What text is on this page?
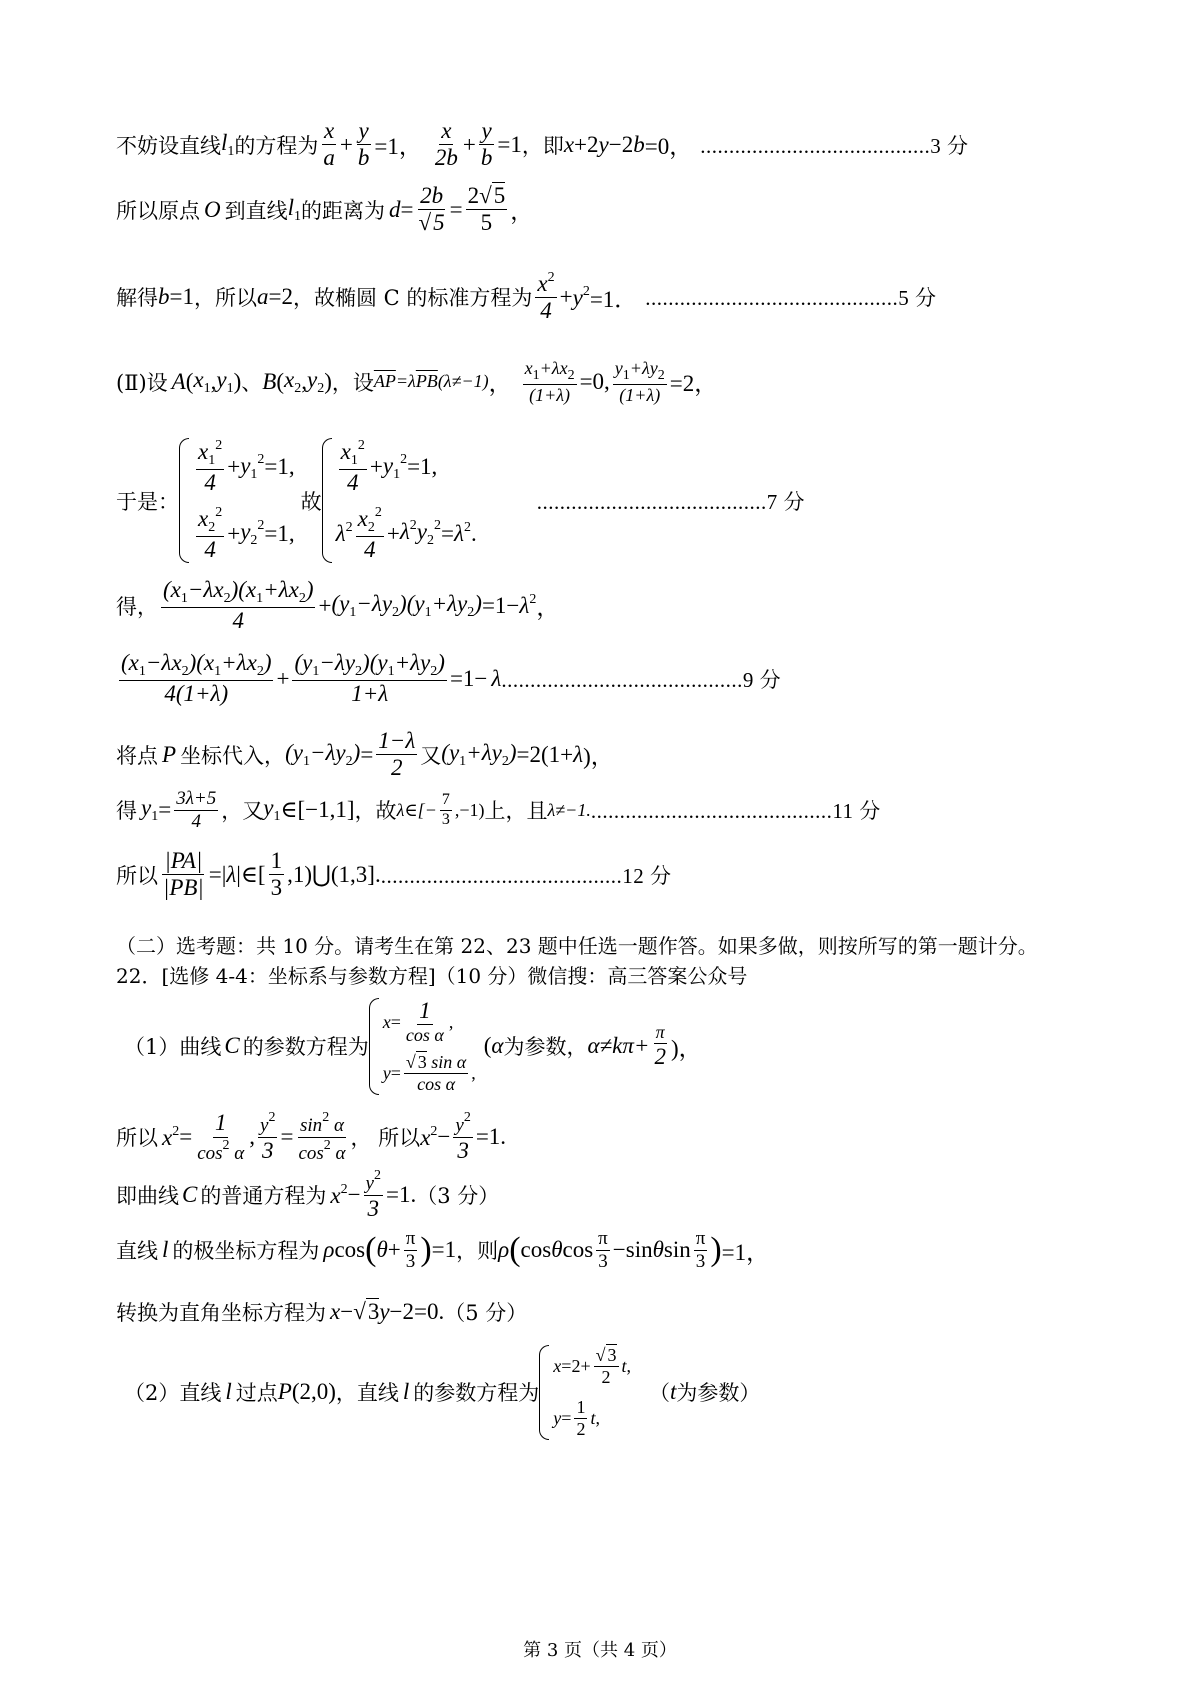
不妨设直线 $l_1$ 的方程为 $\frac{x}{a} + \frac{y}{b} =1$， $\frac{x}{2b} + \frac{y}{b} =1$ ，即 x +2 y −2 b =0， ........................................3 分
所以原点 O 到直线 $l_1$ 的距离为 $d = \frac{2b}{√5} = \frac{2√5}{5}$ ，
解得 b =1 ，所以 a =2 ，故椭圆 C 的标准方程为 $\frac{x^2}{4} + y^2 =1$． ............................................5 分
(Ⅱ)设 A ( $x_1$ , $y_1$ ) 、 B ( $x_2$ , $y_2$ ) ，设 $\overline{AP}=\lambda\overline{PB}(\lambda\ne-1)$ ， $\frac{x_1+\lambda x_2}{(1+\lambda)} =0$, $\frac{y_1+\lambda y_2}{(1+\lambda)} =2$，
于是：
$\frac{x_1^2}{4} + y_1^2 =1$,
$\frac{x_2^2}{4} + y_2^2 =1$,
故
$\frac{x_1^2}{4} + y_1^2 =1$,
$\lambda^2 \frac{x_2^2}{4} + \lambda^2y_2^2 = \lambda^2$ .
........................................7 分
得， $\frac{(x_1-\lambda x_2)(x_1+\lambda x_2)}{4} + (y_1-\lambda y_2)(y_1+\lambda y_2) =1- \lambda^2$ ，
$\frac{(x_1-\lambda x_2)(x_1+\lambda x_2)}{4(1+\lambda)} + \frac{(y_1-\lambda y_2)(y_1+\lambda y_2)}{1+\lambda} =1- \lambda$ ..........................................9 分
将点 P 坐标代入， $(y_1-\lambda y_2) = \frac{1-\lambda}{2}$ 又 $(y_1+\lambda y_2) =2(1+ \lambda$ )，
得 $y_1 = \frac{3\lambda+5}{4}$ ，又 $y_1$ ∈[−1,1] ，故 λ∈[− $\frac{7}{3} ,-1$) 上，且 λ≠−1. ..........................................11 分
所以 $\frac{|PA|}{|PB|}$ =| λ |∈[ $\frac{1}{3}$ ,1)⋃(1,3]. ..........................................12 分
（二）选考题：共 10 分。请考生在第 22、23 题中任选一题作答。如果多做，则按所写的第一题计分。
22．[选修 4-4：坐标系与参数方程]（10 分）微信搜：高三答案公众号
（1）曲线 C 的参数方程为
$x = \frac{1}{\text{cos α}}$ ,
$y = \frac{\text{√ 3 sin α}}{\text{cos α}}$ ,
( α 为参数， $\alpha\ne k\pi+ \frac{\pi}{2}$ )，
所以 $x^2 = \frac{1}{\cos^2 \alpha}$ , $\frac{y^2}{3} = \frac{\sin^2 \alpha}{\cos^2 \alpha}$ ， 所以 $x^2 - \frac{y^2}{3} =1$.
即曲线 C 的普通方程为 $x^2 - \frac{y^2}{3} =1$. （3 分）
直线 l 的极坐标方程为 ρ cos ( $\theta + \frac{\pi}{3}$ ) =1 ，则 ρ ( cos θ $\cos \frac{\pi}{3} -\sin$ θ $\sin \frac{\pi}{3}$ ) =1，
转换为直角坐标方程为 x −√3 y −2=0. （5 分）
（2）直线 l 过点 P (2,0) ，直线 l 的参数方程为
$x =2+ \frac{√ 3}{2}$ t ,
$y = \frac{1}{2}$ t ,
（ t 为参数）
第 3 页（共 4 页）
